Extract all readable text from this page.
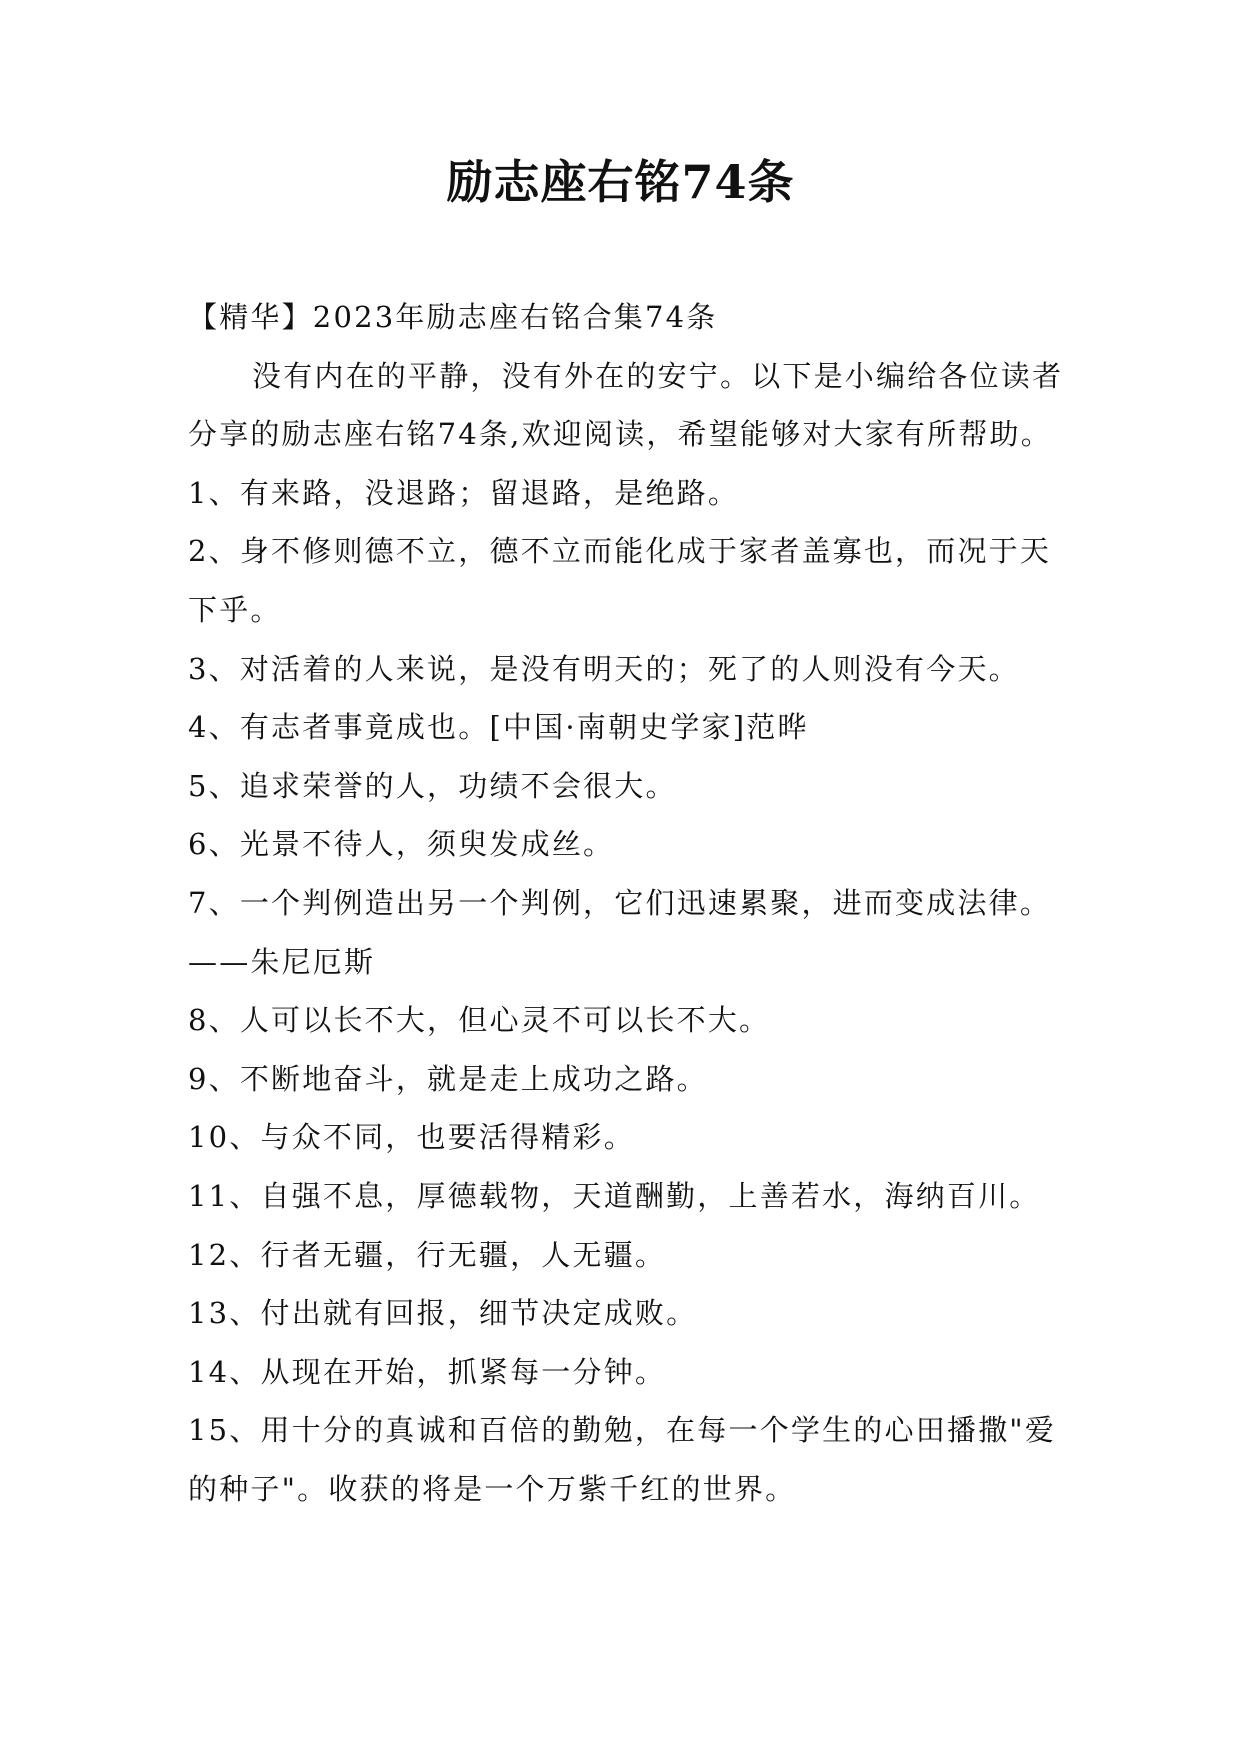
励志座右铭74条

【精华】2023年励志座右铭合集74条

没有内在的平静，没有外在的安宁。以下是小编给各位读者分享的励志座右铭74条,欢迎阅读，希望能够对大家有所帮助。

1、有来路，没退路；留退路，是绝路。

2、身不修则德不立，德不立而能化成于家者盖寡也，而况于天下乎。

3、对活着的人来说，是没有明天的；死了的人则没有今天。

4、有志者事竟成也。[中国·南朝史学家]范晔

5、追求荣誉的人，功绩不会很大。

6、光景不待人，须臾发成丝。

7、一个判例造出另一个判例，它们迅速累聚，进而变成法律。——朱尼厄斯

8、人可以长不大，但心灵不可以长不大。

9、不断地奋斗，就是走上成功之路。

10、与众不同，也要活得精彩。

11、自强不息，厚德载物，天道酬勤，上善若水，海纳百川。

12、行者无疆，行无疆，人无疆。

13、付出就有回报，细节决定成败。

14、从现在开始，抓紧每一分钟。

15、用十分的真诚和百倍的勤勉，在每一个学生的心田播撒"爱的种子"。收获的将是一个万紫千红的世界。
